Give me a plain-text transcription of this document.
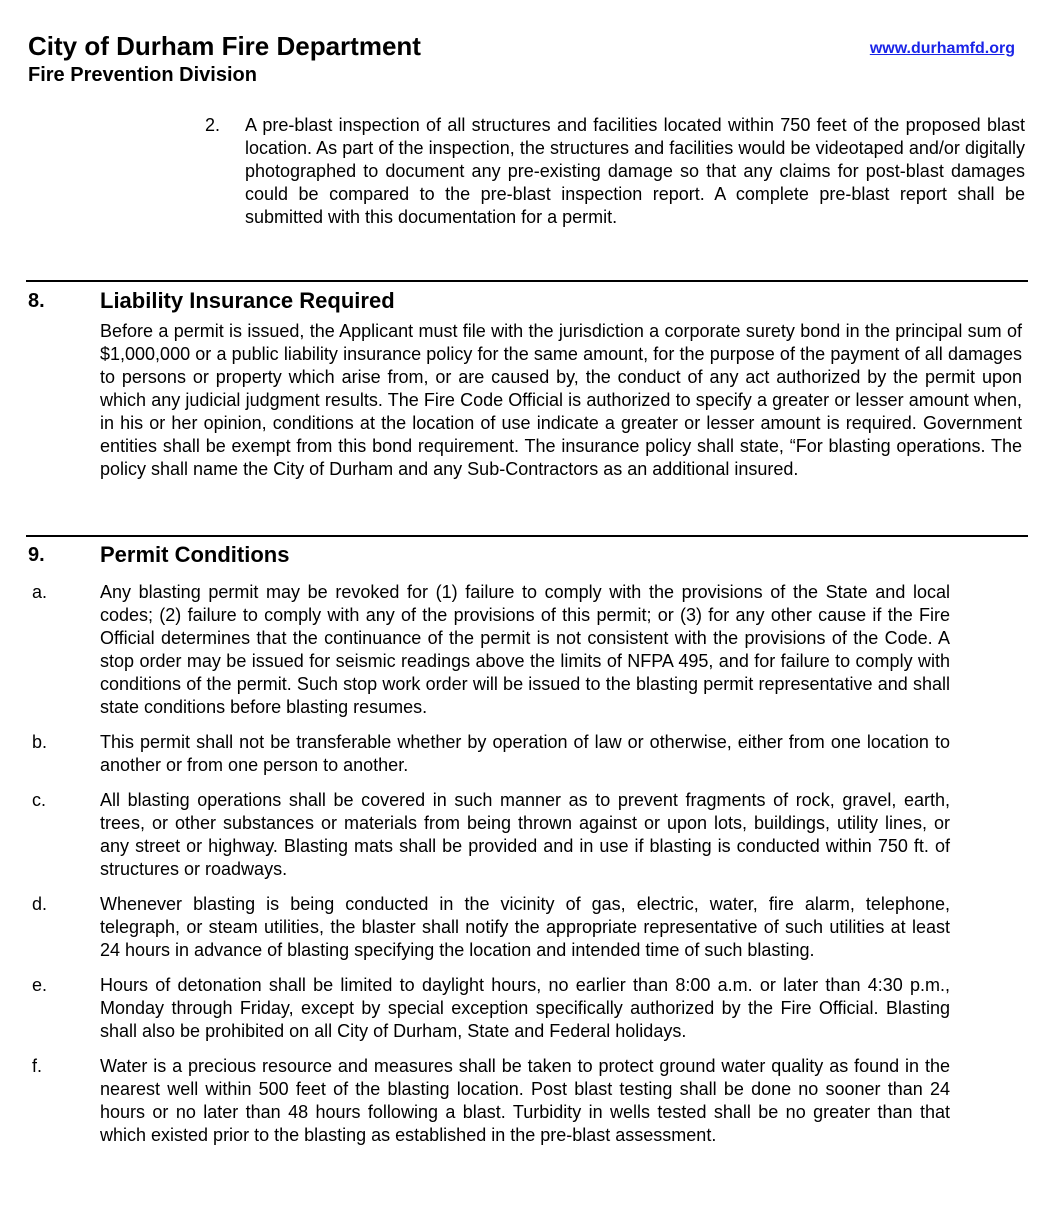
City of Durham Fire Department
Fire Prevention Division
www.durhamfd.org
2.	A pre-blast inspection of all structures and facilities located within 750 feet of the proposed blast location. As part of the inspection, the structures and facilities would be videotaped and/or digitally photographed to document any pre-existing damage so that any claims for post-blast damages could be compared to the pre-blast inspection report. A complete pre-blast report shall be submitted with this documentation for a permit.

8.	Liability Insurance Required

Before a permit is issued, the Applicant must file with the jurisdiction a corporate surety bond in the principal sum of $1,000,000 or a public liability insurance policy for the same amount, for the purpose of the payment of all damages to persons or property which arise from, or are caused by, the conduct of any act authorized by the permit upon which any judicial judgment results. The Fire Code Official is authorized to specify a greater or lesser amount when, in his or her opinion, conditions at the location of use indicate a greater or lesser amount is required. Government entities shall be exempt from this bond requirement. The insurance policy shall state, “For blasting operations. The policy shall name the City of Durham and any Sub-Contractors as an additional insured.

9.	Permit Conditions
a.	Any blasting permit may be revoked for (1) failure to comply with the provisions of the State and local codes; (2) failure to comply with any of the provisions of this permit; or (3) for any other cause if the Fire Official determines that the continuance of the permit is not consistent with the provisions of the Code. A stop order may be issued for seismic readings above the limits of NFPA 495, and for failure to comply with conditions of the permit. Such stop work order will be issued to the blasting permit representative and shall state conditions before blasting resumes.

b.	This permit shall not be transferable whether by operation of law or otherwise, either from one location to another or from one person to another.

c.	All blasting operations shall be covered in such manner as to prevent fragments of rock, gravel, earth, trees, or other substances or materials from being thrown against or upon lots, buildings, utility lines, or any street or highway. Blasting mats shall be provided and in use if blasting is conducted within 750 ft. of structures or roadways.

d.	Whenever blasting is being conducted in the vicinity of gas, electric, water, fire alarm, telephone, telegraph, or steam utilities, the blaster shall notify the appropriate representative of such utilities at least 24 hours in advance of blasting specifying the location and intended time of such blasting.

e.	Hours of detonation shall be limited to daylight hours, no earlier than 8:00 a.m. or later than 4:30 p.m., Monday through Friday, except by special exception specifically authorized by the Fire Official. Blasting shall also be prohibited on all City of Durham, State and Federal holidays.

f.	Water is a precious resource and measures shall be taken to protect ground water quality as found in the nearest well within 500 feet of the blasting location. Post blast testing shall be done no sooner than 24 hours or no later than 48 hours following a blast. Turbidity in wells tested shall be no greater than that which existed prior to the blasting as established in the pre-blast assessment.
